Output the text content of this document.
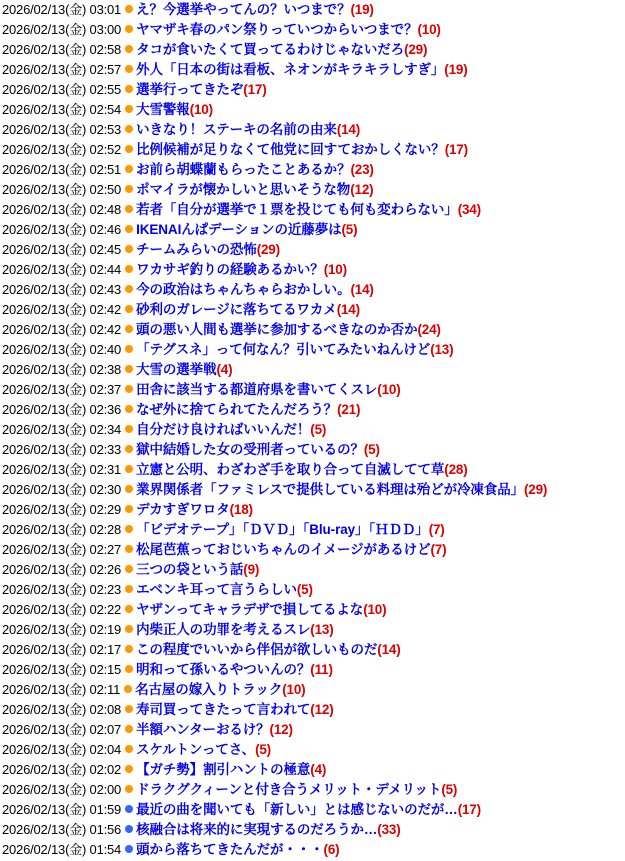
2026/02/13(金) 03:01 え？今選挙やってんの？いつまで？ (19)
2026/02/13(金) 03:00 ヤマザキ春のパン祭りっていつからいつまで？ (10)
2026/02/13(金) 02:58 タコが食いたくて買ってるわけじゃないだろ (29)
2026/02/13(金) 02:57 外人「日本の街は看板、ネオンがキラキラしすぎ」 (19)
2026/02/13(金) 02:55 選挙行ってきたぞ (17)
2026/02/13(金) 02:54 大雪警報 (10)
2026/02/13(金) 02:53 いきなり！ステーキの名前の由来 (14)
2026/02/13(金) 02:52 比例候補が足りなくて他党に回すておかしくない？ (17)
2026/02/13(金) 02:51 お前ら胡蝶蘭もらったことあるか？ (23)
2026/02/13(金) 02:50 ポマイラが懐かしいと思いそうな物 (12)
2026/02/13(金) 02:48 若者「自分が選挙で１票を投じても何も変わらない」 (34)
2026/02/13(金) 02:46 IKENAIんぱデーションの近藤夢は (5)
2026/02/13(金) 02:45 チームみらいの恐怖 (29)
2026/02/13(金) 02:44 ワカサギ釣りの経験あるかい？ (10)
2026/02/13(金) 02:43 今の政治はちゃんちゃらおかしい。 (14)
2026/02/13(金) 02:42 砂利のガレージに落ちてるワカメ (14)
2026/02/13(金) 02:42 頭の悪い人間も選挙に参加するべきなのか否か (24)
2026/02/13(金) 02:40 「テグスネ」って何なん？引いてみたいねんけど (13)
2026/02/13(金) 02:38 大雪の選挙戦 (4)
2026/02/13(金) 02:37 田舎に該当する都道府県を書いてくスレ (10)
2026/02/13(金) 02:36 なぜ外に捨てられてたんだろう？ (21)
2026/02/13(金) 02:34 自分だけ良ければいいんだ！ (5)
2026/02/13(金) 02:33 獄中結婚した女の受刑者っているの？ (5)
2026/02/13(金) 02:31 立憲と公明、わざわざ手を取り合って自滅してて草 (28)
2026/02/13(金) 02:30 業界関係者「ファミレスで提供している料理は殆どが冷凍食品」 (29)
2026/02/13(金) 02:29 デカすぎワロタ (18)
2026/02/13(金) 02:28 「ビデオテープ」「ＤＶＤ」「Blu-ray」「ＨＤＤ」 (7)
2026/02/13(金) 02:27 松尾芭蕉っておじいちゃんのイメージがあるけど (7)
2026/02/13(金) 02:26 三つの袋という話 (9)
2026/02/13(金) 02:23 エベンキ耳って言うらしい (5)
2026/02/13(金) 02:22 ヤザンってキャラデザで損してるよな (10)
2026/02/13(金) 02:19 内柴正人の功罪を考えるスレ (13)
2026/02/13(金) 02:17 この程度でいいから伴侶が欲しいものだ (14)
2026/02/13(金) 02:15 明和って孫いるやついんの？ (11)
2026/02/13(金) 02:11 名古屋の嫁入りトラック (10)
2026/02/13(金) 02:08 寿司買ってきたって言われて (12)
2026/02/13(金) 02:07 半額ハンターおるけ？ (12)
2026/02/13(金) 02:04 スケルトンってさ、 (5)
2026/02/13(金) 02:02 【ガチ勢】割引ハントの極意 (4)
2026/02/13(金) 02:00 ドラクグクィーンと付き合うメリット・デメリット (5)
2026/02/13(金) 01:59 最近の曲を聞いても「新しい」とは感じないのだが… (17)
2026/02/13(金) 01:56 核融合は将来的に実現するのだろうか… (33)
2026/02/13(金) 01:54 頭から落ちてきたんだが・・・ (6)
